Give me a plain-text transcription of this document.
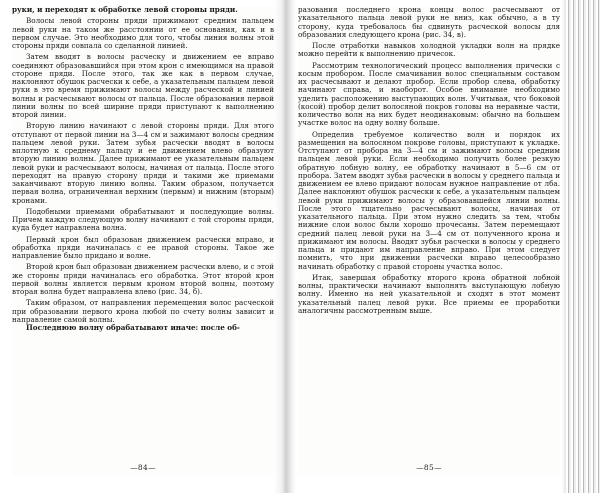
руки, и переходят к обработке левой стороны пряди.

Волосы левой стороны пряди прижимают средним пальцем левой руки на таком же расстоянии от ее основания, как и в первом случае. Это необходимо для того, чтобы линия волны этой стороны пряди совпала со сделанной линией.

Затем вводят в волосы расческу и движением ее вправо соединяют образовавшийся при этом крон с имеющимся на правой стороне пряди. После этого, так же как в первом случае, наклоняют обушок расчески к себе, а указательным пальцем левой руки в это время прижимают волосы между расческой и линией волны и расчесывают волосы от пальца. После образования первой линии волны по всей ширине пряди приступают к выполнению второй линии.

Вторую линию начинают с левой стороны пряди. Для этого отступают от первой линии на 3—4 см и зажимают волосы средним пальцем левой руки. Затем зубья расчески вводят в волосы вплотную к среднему пальцу и ее движением влево образуют вторую линию волны. Далее прижимают ее указательным пальцем левой руки и расчесывают волосы, начиная от пальца. После этого переходят на правую сторону пряди и такими же приемами заканчивают вторую линию волны. Таким образом, получается первая волна, ограниченная верхним (первым) и нижним (вторым) кронами.

Подобными приемами обрабатывают и последующие волны. Причем каждую следующую волну начинают с той стороны пряди, куда будет направлена волна.

Первый крон был образован движением расчески вправо, и обработка пряди начиналась с ее правой стороны. Такое же направление было придано и волне.

Второй крон был образован движением расчески влево, и с этой же стороны пряди начиналась его обработка. Этот второй крон первой волны является первым кроном второй волны, поэтому вторая волна будет направлена влево (рис. 34, б).

Таким образом, от направления перемещения волос расческой при образовании первого крона любой по счету волны зависит и направление самой волны.

Последнюю волну обрабатывают иначе: после об-

—84—

разования последнего крона концы волос расчесывают от указательного пальца левой руки не вниз, как обычно, а в ту сторону, куда требовалось бы сдвинуть расческой волосы для образования следующего крона (рис. 34, в).

После отработки навыков холодной укладки волн на прядке можно перейти к выполнению причесок.

Рассмотрим технологический процесс выполнения прически с косым пробором. После смачивания волос специальным составом их расчесывают и делают пробор. Если пробор слева, обработку начинают справа, и наоборот. Особое внимание необходимо уделить расположению выступающих волн. Учитывая, что боковой (косой) пробор делит волосяной покров головы на неравные части, количество волн на них будет неодинаковым: обычно на большем участке волос на одну волну больше.

Определив требуемое количество волн и порядок их размещения на волосяном покрове головы, приступают к укладке. Отступают от пробора на 3—4 см и зажимают волосы средним пальцем левой руки. Если необходимо получить более резкую обратную лобную волну, ее обработку начинают в 5—6 см от пробора. Затем вводят зубья расчески в волосы у среднего пальца и движением ее влево придают волосам нужное направление от лба. Далее наклоняют обушок расчески к себе, а указательным пальцем левой руки прижимают волосы у образовавшейся линии волны. После этого тщательно расчесывают волосы, начиная от указательного пальца. При этом нужно следить за тем, чтобы нижние слои волос были хорошо прочесаны. Затем перемещают средний палец левой руки на 3—4 см от полученного крона и прижимают им волосы. Вводят зубья расчески в волосы у среднего пальца и придают им направление вправо. При этом следует помнить, что при движении расчески вправо целесообразно начинать обработку с правой стороны участка волос.

Итак, завершая обработку второго крона обратной лобной волны, практически начинают выполнять выступающую лобную волну. Именно на ней указательной и сходят в этот момент указательный палец левой руки. Все приемы ее проработки аналогичны рассмотренным выше.

—85—
